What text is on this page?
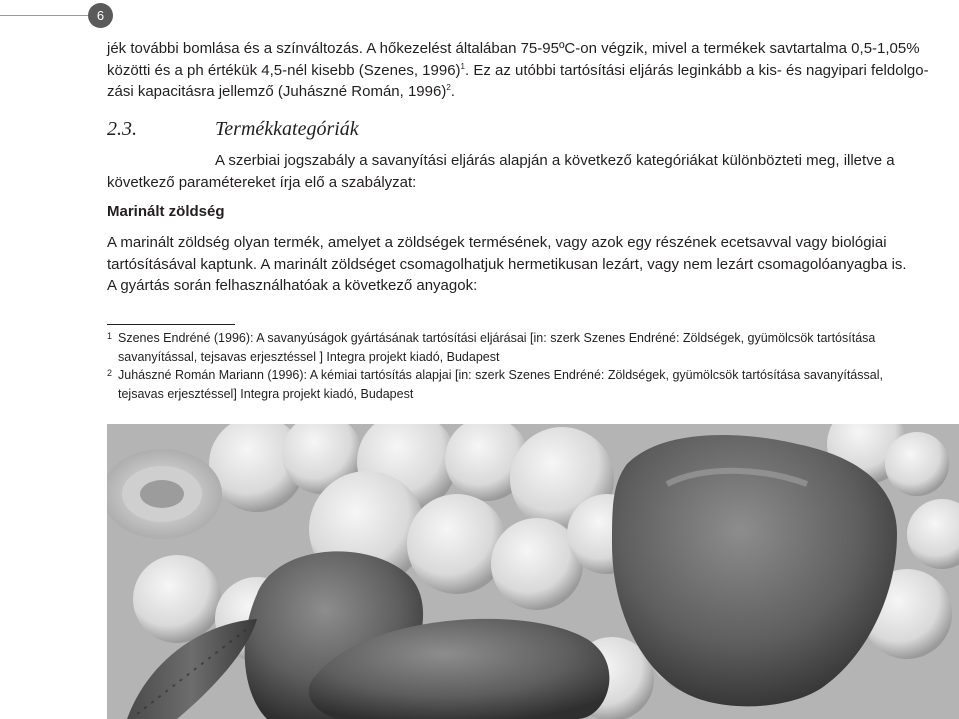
6
jék további bomlása és a színváltozás. A hőkezelést általában 75-95ºC-on végzik, mivel a termékek savtartalma 0,5-1,05%
közötti és a ph értékük 4,5-nél kisebb (Szenes, 1996)$^1$. Ez az utóbbi tartósítási eljárás leginkább a kis- és nagyipari feldolgo-
zási kapacitásra jellemző (Juhászné Román, 1996)$^2$.
2.3.	Termékkategóriák
A szerbiai jogszabály a savanyítási eljárás alapján a következő kategóriákat különbözteti meg, illetve a
következő paramétereket írja elő a szabályzat:
Marinált zöldség
A marinált zöldség olyan termék, amelyet a zöldségek termésének, vagy azok egy részének ecetsavval vagy biológiai
tartósításával kaptunk. A marinált zöldséget csomagolhatjuk hermetikusan lezárt, vagy nem lezárt csomagolóanyagba is.
A gyártás során felhasználhatóak a következő anyagok:
1 Szenes Endréné (1996): A savanyúságok gyártásának tartósítási eljárásai [in: szerk Szenes Endréné: Zöldségek, gyümölcsök tartósítása
savanyítással, tejsavas erjesztéssel ] Integra projekt kiadó, Budapest
2 Juhászné Román Mariann (1996): A kémiai tartósítás alapjai [in: szerk Szenes Endréné: Zöldségek, gyümölcsök tartósítása savanyítással,
tejsavas erjesztéssel] Integra projekt kiadó, Budapest
